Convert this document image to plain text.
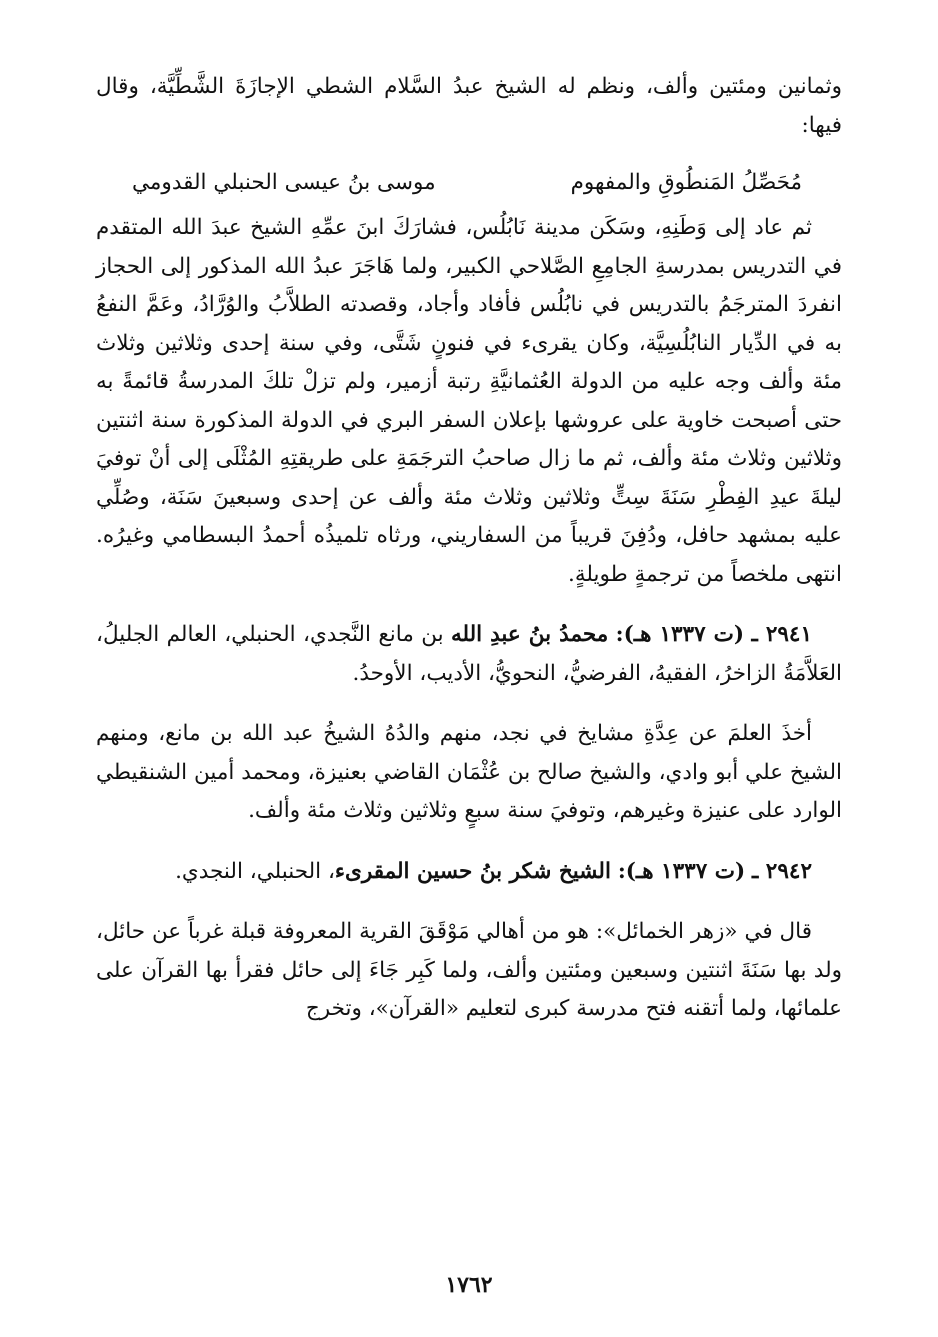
وثمانين ومئتين وألف، ونظم له الشيخ عبدُ السَّلام الشطي الإجازَةَ الشَّطِّيَّة، وقال فيها:

مُحَصِّلُ المَنطُوقِ والمفهوم
موسى بنُ عيسى الحنبلي القدومي

ثم عاد إلى وَطَنِهِ، وسَكَن مدينة نَابُلُس، فشارَكَ ابنَ عمِّهِ الشيخ عبدَ الله المتقدم في التدريس بمدرسةِ الجامِعِ الصَّلاحي الكبير، ولما هَاجَرَ عبدُ الله المذكور إلى الحجاز انفردَ المترجَمُ بالتدريس في نابُلُس فأفاد وأجاد، وقصدته الطلاَّبُ والوُرَّادُ، وعَمَّ النفعُ به في الدِّيار النابُلُسِيَّة، وكان يقرىء في فنونٍ شَتَّى، وفي سنة إحدى وثلاثين وثلاث مئة وألف وجه عليه من الدولة العُثمانيَّةِ رتبة أزمير، ولم تزلْ تلكَ المدرسةُ قائمةً به حتى أصبحت خاوية على عروشها بإعلان السفر البري في الدولة المذكورة سنة اثنتين وثلاثين وثلاث مئة وألف، ثم ما زال صاحبُ الترجَمَةِ على طريقتِهِ المُثْلَى إلى أنْ توفيَ ليلةَ عيدِ الفِطْرِ سَنَةَ سِتٍّ وثلاثين وثلاث مئة وألف عن إحدى وسبعينَ سَنَة، وصُلِّي عليه بمشهد حافل، ودُفِنَ قريباً من السفاريني، ورثاه تلميذُه أحمدُ البسطامي وغيرُه. انتهى ملخصاً من ترجمةٍ طويلةٍ.

٢٩٤١ ـ (ت ١٣٣٧ هـ): محمدُ بنُ عبدِ الله بن مانع النَّجدي، الحنبلي، العالم الجليلُ، العَلاَّمَةُ الزاخرُ، الفقيهُ، الفرضيُّ، النحويُّ، الأديب، الأوحدُ.

أخذَ العلمَ عن عِدَّةِ مشايخ في نجد، منهم والدُهُ الشيخُ عبد الله بن مانع، ومنهم الشيخ علي أبو وادي، والشيخ صالح بن عُثْمَان القاضي بعنيزة، ومحمد أمين الشنقيطي الوارد على عنيزة وغيرهم، وتوفيَ سنة سبعٍ وثلاثين وثلاث مئة وألف.

٢٩٤٢ ـ (ت ١٣٣٧ هـ): الشيخ شكر بنُ حسين المقرىء، الحنبلي، النجدي.

قال في «زهر الخمائل»: هو من أهالي مَوْقَقَ القرية المعروفة قبلة غرباً عن حائل، ولد بها سَنَةَ اثنتين وسبعين ومئتين وألف، ولما كَبِر جَاءَ إلى حائل فقرأ بها القرآن على علمائها، ولما أتقنه فتح مدرسة كبرى لتعليم «القرآن»، وتخرج

١٧٦٢
